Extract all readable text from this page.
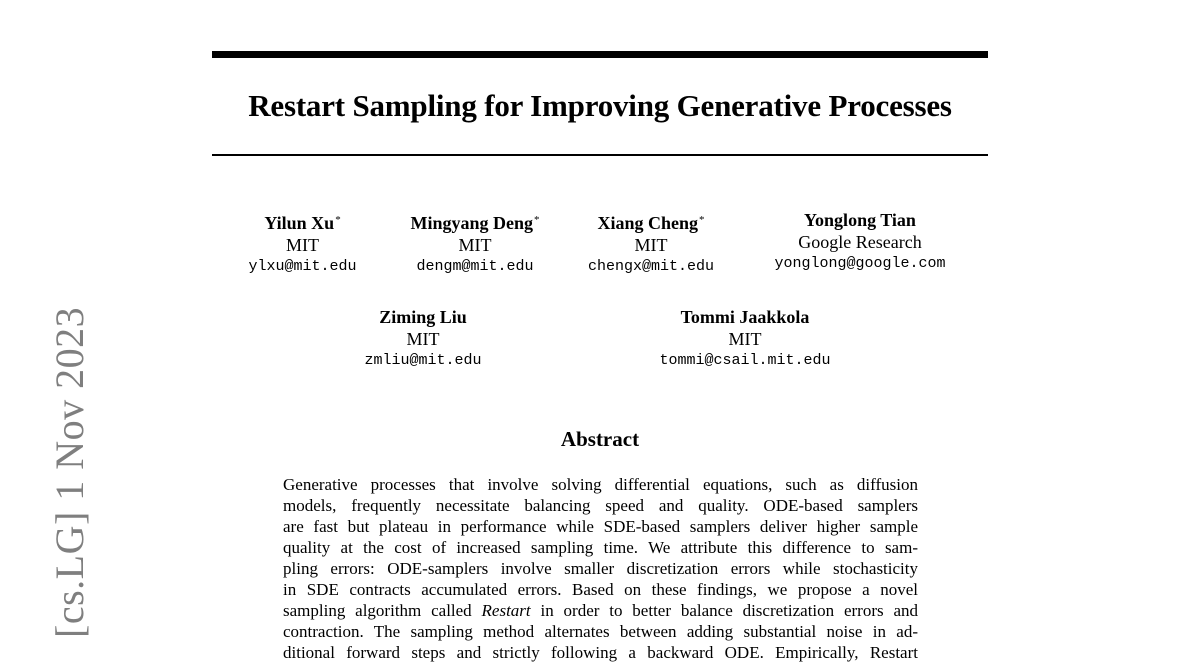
Restart Sampling for Improving Generative Processes
Yilun Xu*
MIT
ylxu@mit.edu
Mingyang Deng*
MIT
dengm@mit.edu
Xiang Cheng*
MIT
chengx@mit.edu
Yonglong Tian
Google Research
yonglong@google.com
Ziming Liu
MIT
zmliu@mit.edu
Tommi Jaakkola
MIT
tommi@csail.mit.edu
Abstract

Generative processes that involve solving differential equations, such as diffusion
models, frequently necessitate balancing speed and quality. ODE-based samplers
are fast but plateau in performance while SDE-based samplers deliver higher sample
quality at the cost of increased sampling time. We attribute this difference to sam-
pling errors: ODE-samplers involve smaller discretization errors while stochasticity
in SDE contracts accumulated errors. Based on these findings, we propose a novel
sampling algorithm called Restart in order to better balance discretization errors and
contraction. The sampling method alternates between adding substantial noise in ad-
ditional forward steps and strictly following a backward ODE. Empirically, Restart

[cs.LG] 1 Nov 2023
